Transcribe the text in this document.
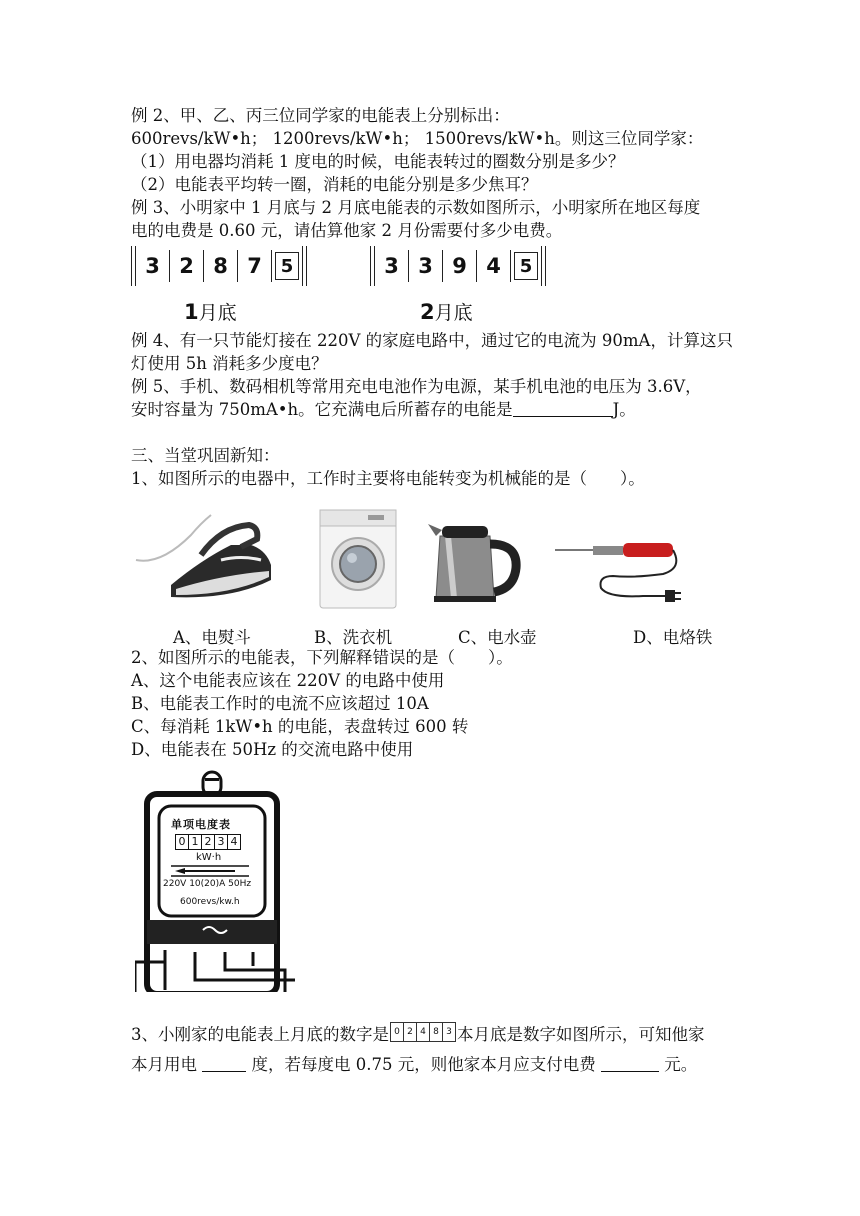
例 2、甲、乙、丙三位同学家的电能表上分别标出：
600revs/kW•h； 1200revs/kW•h； 1500revs/kW•h。则这三位同学家：
（1）用电器均消耗 1 度电的时候，电能表转过的圈数分别是多少？
（2）电能表平均转一圈，消耗的电能分别是多少焦耳？
例 3、小明家中 1 月底与 2 月底电能表的示数如图所示，小明家所在地区每度
电的电费是 0.60 元，请估算他家 2 月份需要付多少电费。
3 2 8 7	5	3 3 9 4	5
1月底	2月底
例 4、有一只节能灯接在 220V 的家庭电路中，通过它的电流为 90mA，计算这只
灯使用 5h 消耗多少度电？
例 5、手机、数码相机等常用充电电池作为电源，某手机电池的电压为 3.6V，
安时容量为 750mA•h。它充满电后所蓄存的电能是	J。
三、当堂巩固新知：
1、如图所示的电器中，工作时主要将电能转变为机械能的是（　　）。
A、电熨斗	B、洗衣机	C、电水壶	D、电烙铁
2、如图所示的电能表，下列解释错误的是（　　）。
A、这个电能表应该在 220V 的电路中使用
B、电能表工作时的电流不应该超过 10A
C、每消耗 1kW•h 的电能，表盘转过 600 转
D、电能表在 50Hz 的交流电路中使用
单项电度表
0 1 2 3 4
kW·h
220V 10(20)A 50Hz
600revs/kw.h
3、小刚家的电能表上月底的数字是 0 2 4 8 3 本月底是数字如图所示，可知他家
本月用电	度，若每度电 0.75 元，则他家本月应支付电费	元。
